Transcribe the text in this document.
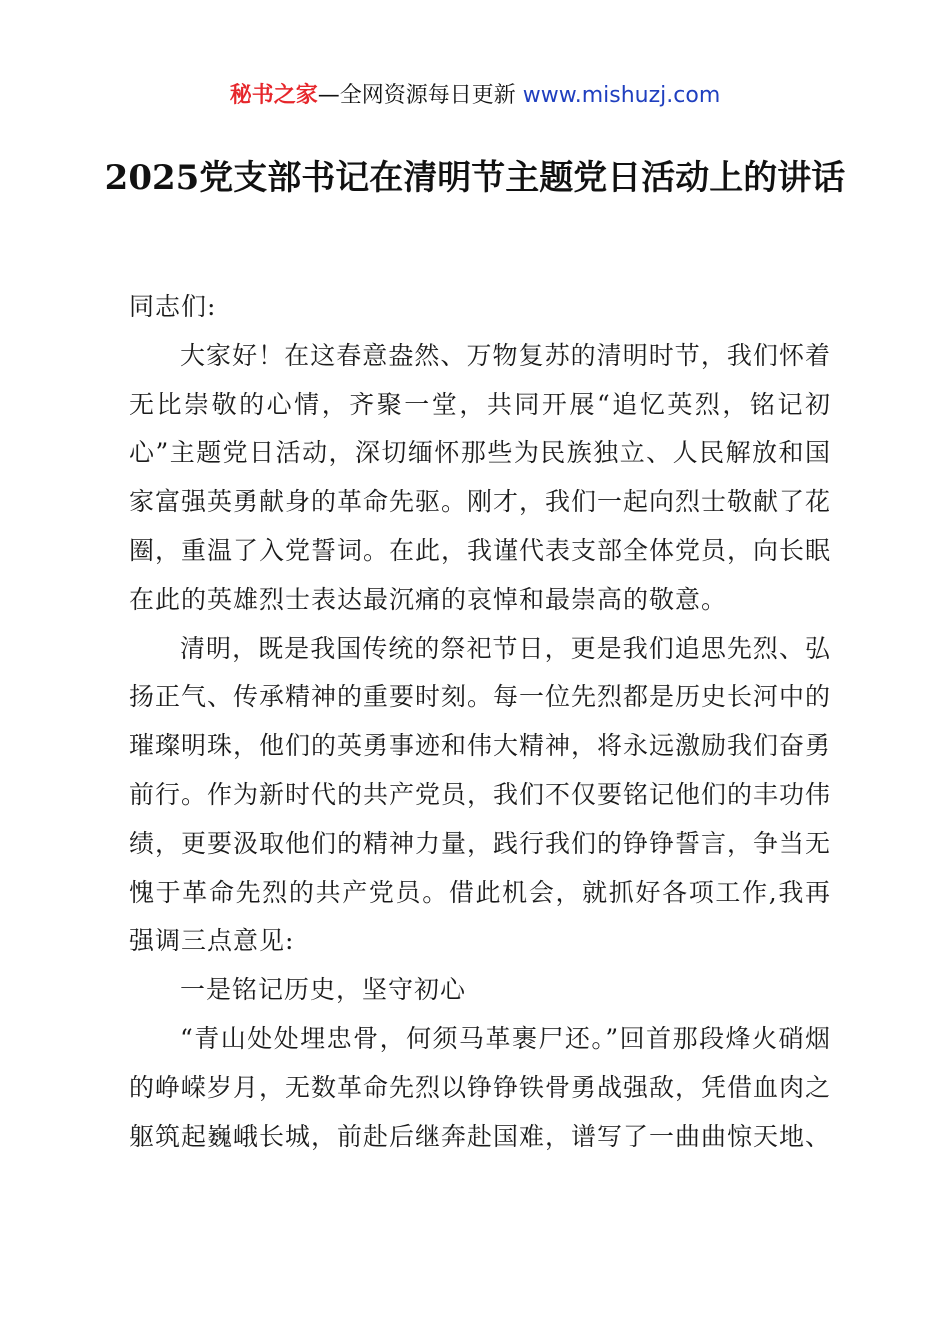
秘书之家—全网资源每日更新 www.mishuzj.com
2025党支部书记在清明节主题党日活动上的讲话

同志们:

大家好！在这春意盎然、万物复苏的清明时节，我们怀着无比崇敬的心情，齐聚一堂，共同开展“追忆英烈，铭记初心”主题党日活动，深切缅怀那些为民族独立、人民解放和国家富强英勇献身的革命先驱。刚才，我们一起向烈士敬献了花圈，重温了入党誓词。在此，我谨代表支部全体党员，向长眠在此的英雄烈士表达最沉痛的哀悼和最崇高的敬意。

清明，既是我国传统的祭祀节日，更是我们追思先烈、弘扬正气、传承精神的重要时刻。每一位先烈都是历史长河中的璀璨明珠，他们的英勇事迹和伟大精神，将永远激励我们奋勇前行。作为新时代的共产党员，我们不仅要铭记他们的丰功伟绩，更要汲取他们的精神力量，践行我们的铮铮誓言，争当无愧于革命先烈的共产党员。借此机会，就抓好各项工作,我再强调三点意见:

一是铭记历史，坚守初心

“青山处处埋忠骨，何须马革裹尸还。”回首那段烽火硝烟的峥嵘岁月，无数革命先烈以铮铮铁骨勇战强敌，凭借血肉之躯筑起巍峨长城，前赴后继奔赴国难，谱写了一曲曲惊天地、
